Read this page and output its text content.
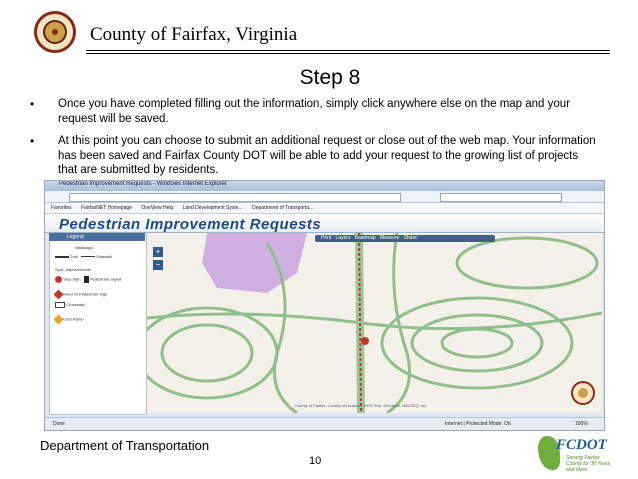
County of Fairfax, Virginia
Step 8
• Once you have completed filling out the information, simply click anywhere else on the map and your request will be saved.
• At this point you can choose to submit an additional request or close out of the web map. Your information has been saved and Fairfax County DOT will be able to add your request to the growing list of projects that are submitted by residents.
Pedestrian Improvement Requests - Windows Internet Explorer
Favorites FairfaxNET Homepage OneView Help Land Development Syste... Department of Transporta...
Pedestrian Improvement Requests
Legend
Walkways
Trail	Sidewalk
Spot_Improvements
Stop Sign Pedestrian Signal
Need To Pedestrian Sign
Crosswalk
Curb Ramp
+
−
Print Layers Basemap Measure Share
County of Fairfax, County of Loudoun, DHS, Esri, DeLorme, NAVTEQ, Inc.
Done	Internet | Protected Mode: On	100%
Department of Transportation
10
FCDOT
Serving Fairfax County for 30 Years and More
